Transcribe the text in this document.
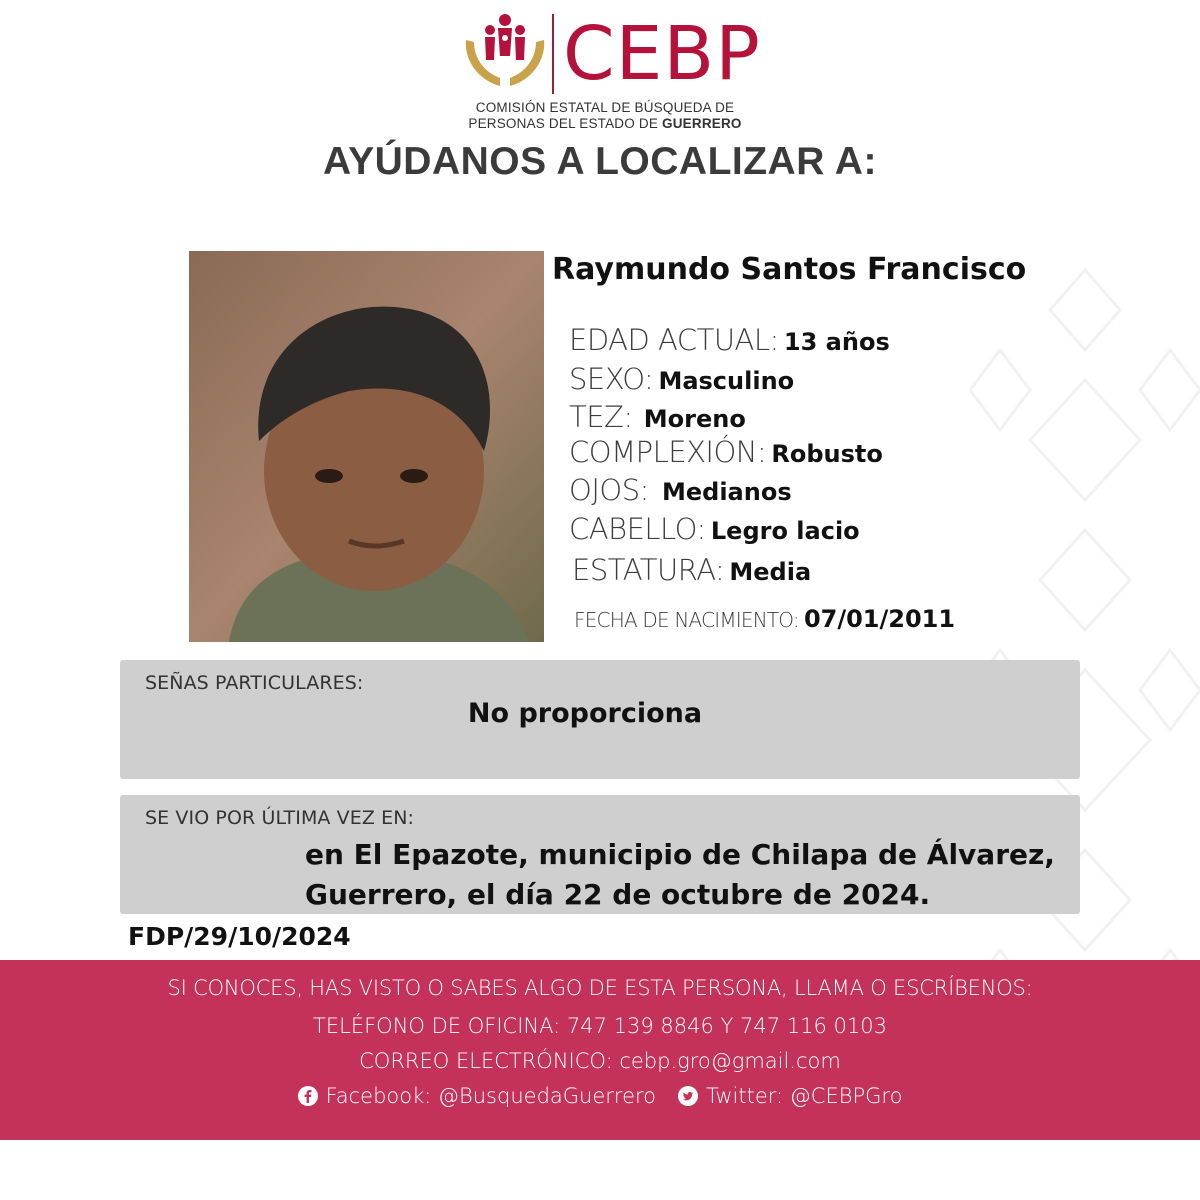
CEBP
COMISIÓN ESTATAL DE BÚSQUEDA DE
PERSONAS DEL ESTADO DE GUERRERO
AYÚDANOS A LOCALIZAR A:
Raymundo Santos Francisco
EDAD ACTUAL: 13 años
SEXO: Masculino
TEZ: Moreno
COMPLEXIÓN: Robusto
OJOS: Medianos
CABELLO: Legro lacio
ESTATURA: Media
FECHA DE NACIMIENTO: 07/01/2011
SEÑAS PARTICULARES:
No proporciona
SE VIO POR ÚLTIMA VEZ EN:
en El Epazote, municipio de Chilapa de Álvarez,
Guerrero, el día 22 de octubre de 2024.
FDP/29/10/2024
SI CONOCES, HAS VISTO O SABES ALGO DE ESTA PERSONA, LLAMA O ESCRÍBENOS:
TELÉFONO DE OFICINA: 747 139 8846 Y 747 116 0103
CORREO ELECTRÓNICO: cebp.gro@gmail.com
Facebook: @BusquedaGuerrero Twitter: @CEBPGro
